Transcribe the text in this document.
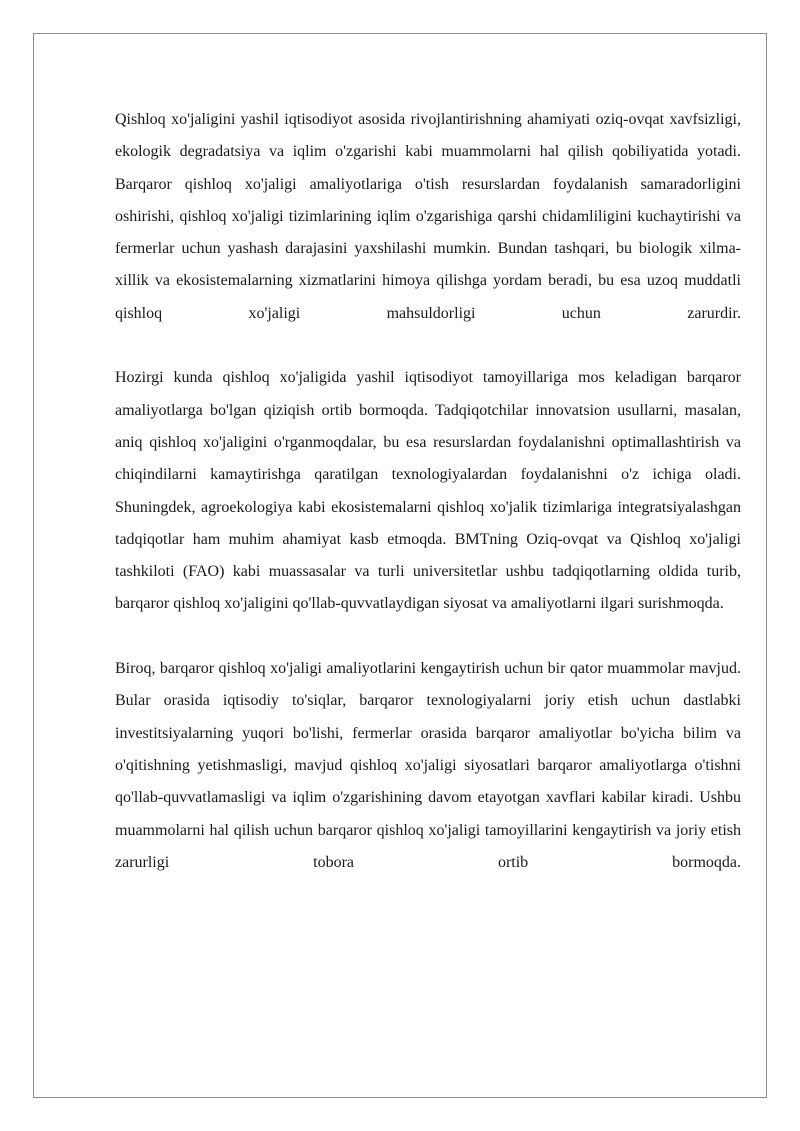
Qishloq xo'jaligini yashil iqtisodiyot asosida rivojlantirishning ahamiyati oziq-ovqat xavfsizligi, ekologik degradatsiya va iqlim o'zgarishi kabi muammolarni hal qilish qobiliyatida yotadi. Barqaror qishloq xo'jaligi amaliyotlariga o'tish resurslardan foydalanish samaradorligini oshirishi, qishloq xo'jaligi tizimlarining iqlim o'zgarishiga qarshi chidamliligini kuchaytirishi va fermerlar uchun yashash darajasini yaxshilashi mumkin. Bundan tashqari, bu biologik xilma-xillik va ekosistemalarning xizmatlarini himoya qilishga yordam beradi, bu esa uzoq muddatli qishloq xo'jaligi mahsuldorligi uchun zarurdir.

Hozirgi kunda qishloq xo'jaligida yashil iqtisodiyot tamoyillariga mos keladigan barqaror amaliyotlarga bo'lgan qiziqish ortib bormoqda. Tadqiqotchilar innovatsion usullarni, masalan, aniq qishloq xo'jaligini o'rganmoqdalar, bu esa resurslardan foydalanishni optimallashtirish va chiqindilarni kamaytirishga qaratilgan texnologiyalardan foydalanishni o'z ichiga oladi. Shuningdek, agroekologiya kabi ekosistemalarni qishloq xo'jalik tizimlariga integratsiyalashgan tadqiqotlar ham muhim ahamiyat kasb etmoqda. BMTning Oziq-ovqat va Qishloq xo'jaligi tashkiloti (FAO) kabi muassasalar va turli universitetlar ushbu tadqiqotlarning oldida turib, barqaror qishloq xo'jaligini qo'llab-quvvatlaydigan siyosat va amaliyotlarni ilgari surishmoqda.

Biroq, barqaror qishloq xo'jaligi amaliyotlarini kengaytirish uchun bir qator muammolar mavjud. Bular orasida iqtisodiy to'siqlar, barqaror texnologiyalarni joriy etish uchun dastlabki investitsiyalarning yuqori bo'lishi, fermerlar orasida barqaror amaliyotlar bo'yicha bilim va o'qitishning yetishmasligi, mavjud qishloq xo'jaligi siyosatlari barqaror amaliyotlarga o'tishni qo'llab-quvvatlamasligi va iqlim o'zgarishining davom etayotgan xavflari kabilar kiradi. Ushbu muammolarni hal qilish uchun barqaror qishloq xo'jaligi tamoyillarini kengaytirish va joriy etish zarurligi tobora ortib bormoqda.
